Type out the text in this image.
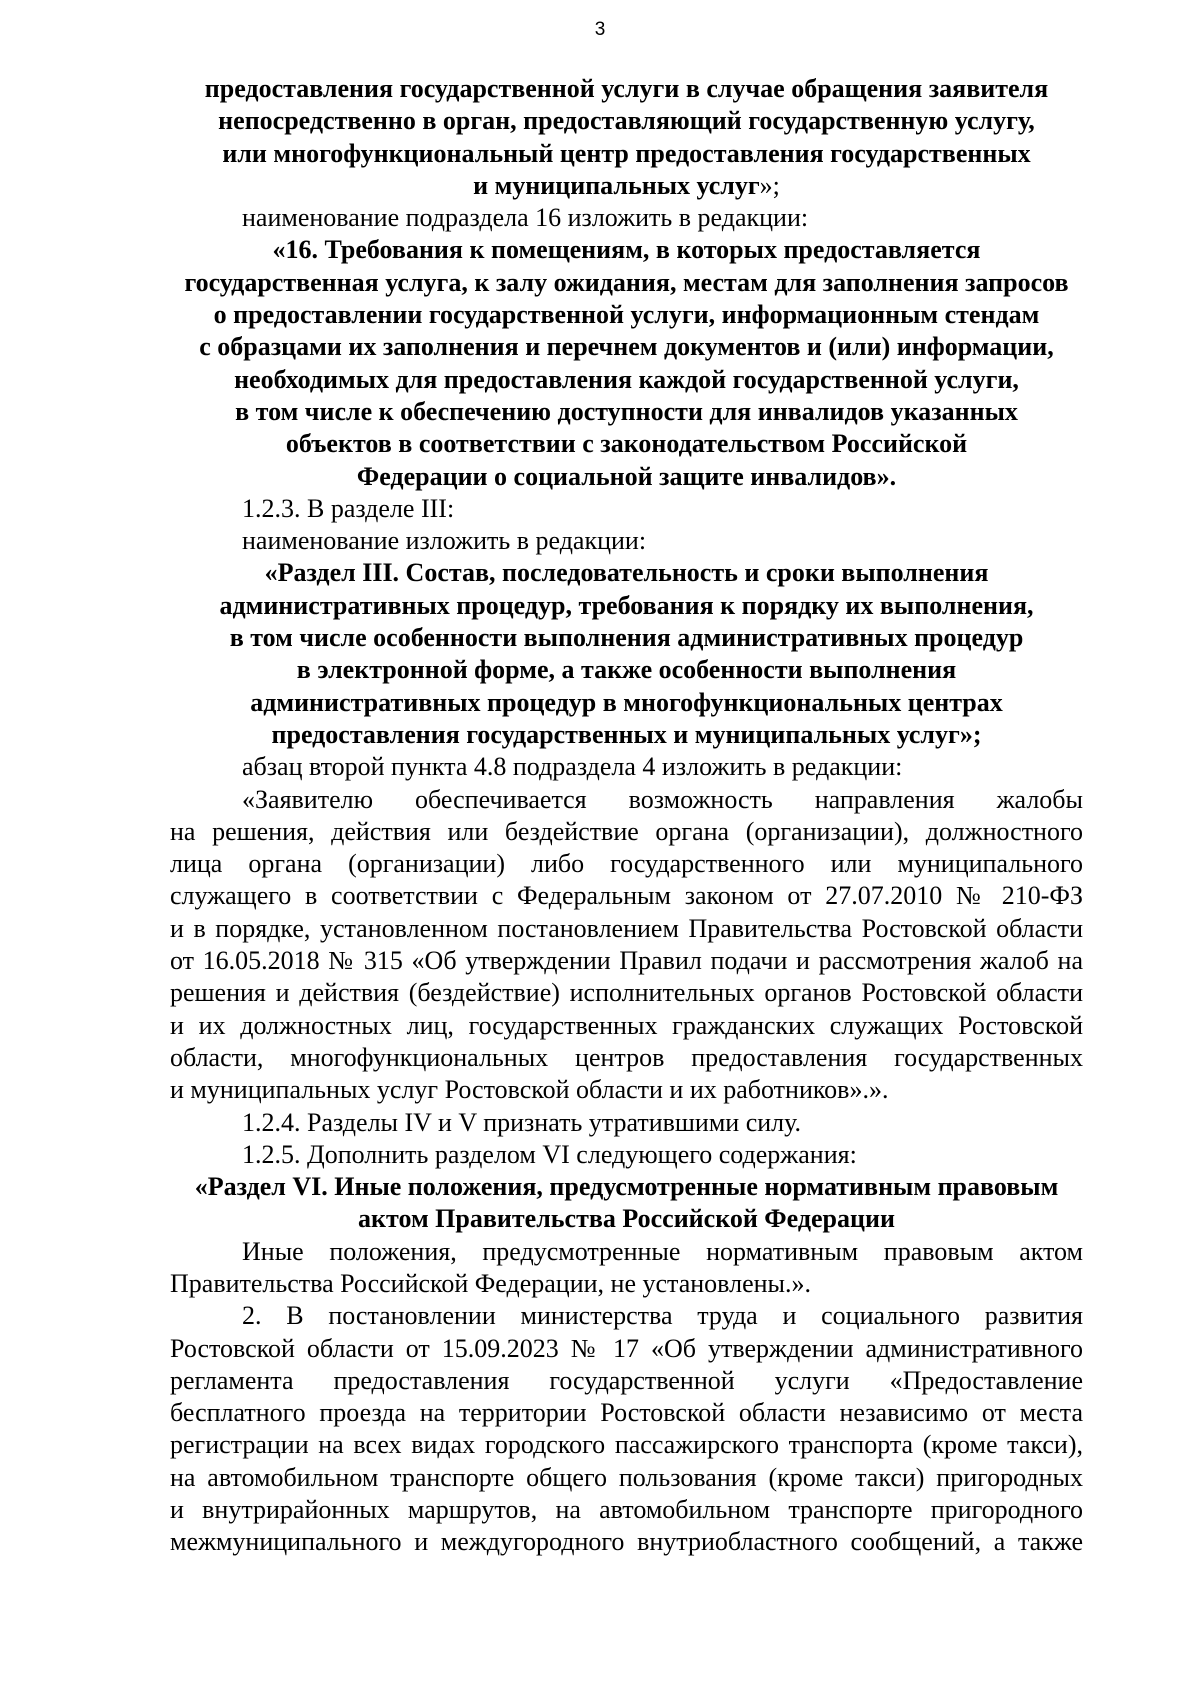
3
предоставления государственной услуги в случае обращения заявителя
непосредственно в орган, предоставляющий государственную услугу,
или многофункциональный центр предоставления государственных
и муниципальных услуг»;

наименование подраздела 16 изложить в редакции:

«16. Требования к помещениям, в которых предоставляется
государственная услуга, к залу ожидания, местам для заполнения запросов
о предоставлении государственной услуги, информационным стендам
с образцами их заполнения и перечнем документов и (или) информации,
необходимых для предоставления каждой государственной услуги,
в том числе к обеспечению доступности для инвалидов указанных
объектов в соответствии с законодательством Российской
Федерации о социальной защите инвалидов».

1.2.3. В разделе III:

наименование изложить в редакции:

«Раздел III. Состав, последовательность и сроки выполнения
административных процедур, требования к порядку их выполнения,
в том числе особенности выполнения административных процедур
в электронной форме, а также особенности выполнения
административных процедур в многофункциональных центрах
предоставления государственных и муниципальных услуг»;

абзац второй пункта 4.8 подраздела 4 изложить в редакции:

«Заявителю обеспечивается возможность направления жалобы
на решения, действия или бездействие органа (организации), должностного
лица органа (организации) либо государственного или муниципального
служащего в соответствии с Федеральным законом от 27.07.2010 № 210-ФЗ
и в порядке, установленном постановлением Правительства Ростовской области
от 16.05.2018 № 315 «Об утверждении Правил подачи и рассмотрения жалоб на
решения и действия (бездействие) исполнительных органов Ростовской области
и их должностных лиц, государственных гражданских служащих Ростовской
области, многофункциональных центров предоставления государственных
и муниципальных услуг Ростовской области и их работников».».

1.2.4. Разделы IV и V признать утратившими силу.

1.2.5. Дополнить разделом VI следующего содержания:

«Раздел VI. Иные положения, предусмотренные нормативным правовым
актом Правительства Российской Федерации
Иные положения, предусмотренные нормативным правовым актом
Правительства Российской Федерации, не установлены.».
2. В постановлении министерства труда и социального развития
Ростовской области от 15.09.2023 № 17 «Об утверждении административного
регламента предоставления государственной услуги «Предоставление
бесплатного проезда на территории Ростовской области независимо от места
регистрации на всех видах городского пассажирского транспорта (кроме такси),
на автомобильном транспорте общего пользования (кроме такси) пригородных
и внутрирайонных маршрутов, на автомобильном транспорте пригородного
межмуниципального и междугородного внутриобластного сообщений, а также
